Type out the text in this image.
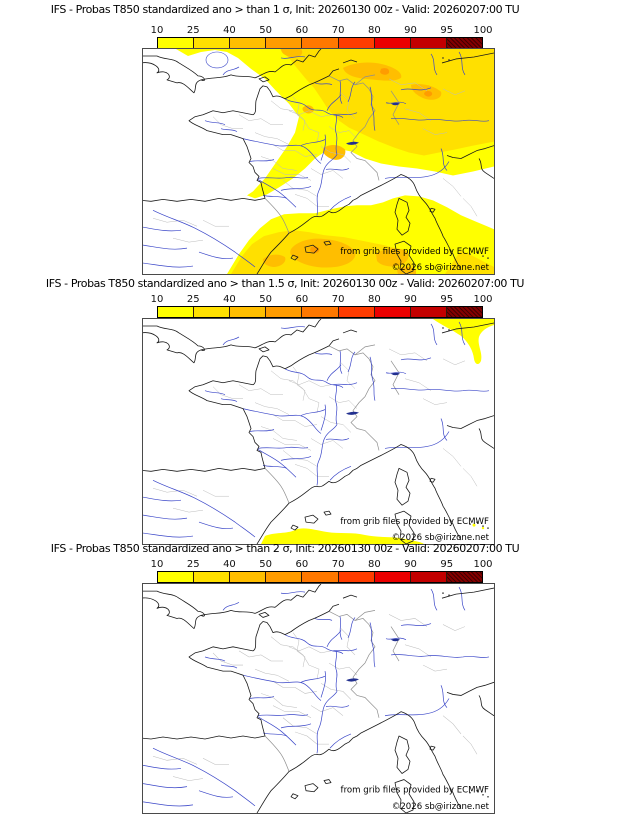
IFS - Probas T850 standardized ano > than 1 σ, Init: 20260130 00z - Valid: 20260207:00 TU
10 25 40 50 60 70 80 90 95 100
from grib files provided by ECMWF
©2026 sb@irizone.net
IFS - Probas T850 standardized ano > than 1.5 σ, Init: 20260130 00z - Valid: 20260207:00 TU
10 25 40 50 60 70 80 90 95 100
from grib files provided by ECMWF
©2026 sb@irizone.net
IFS - Probas T850 standardized ano > than 2 σ, Init: 20260130 00z - Valid: 20260207:00 TU
10 25 40 50 60 70 80 90 95 100
from grib files provided by ECMWF
©2026 sb@irizone.net
